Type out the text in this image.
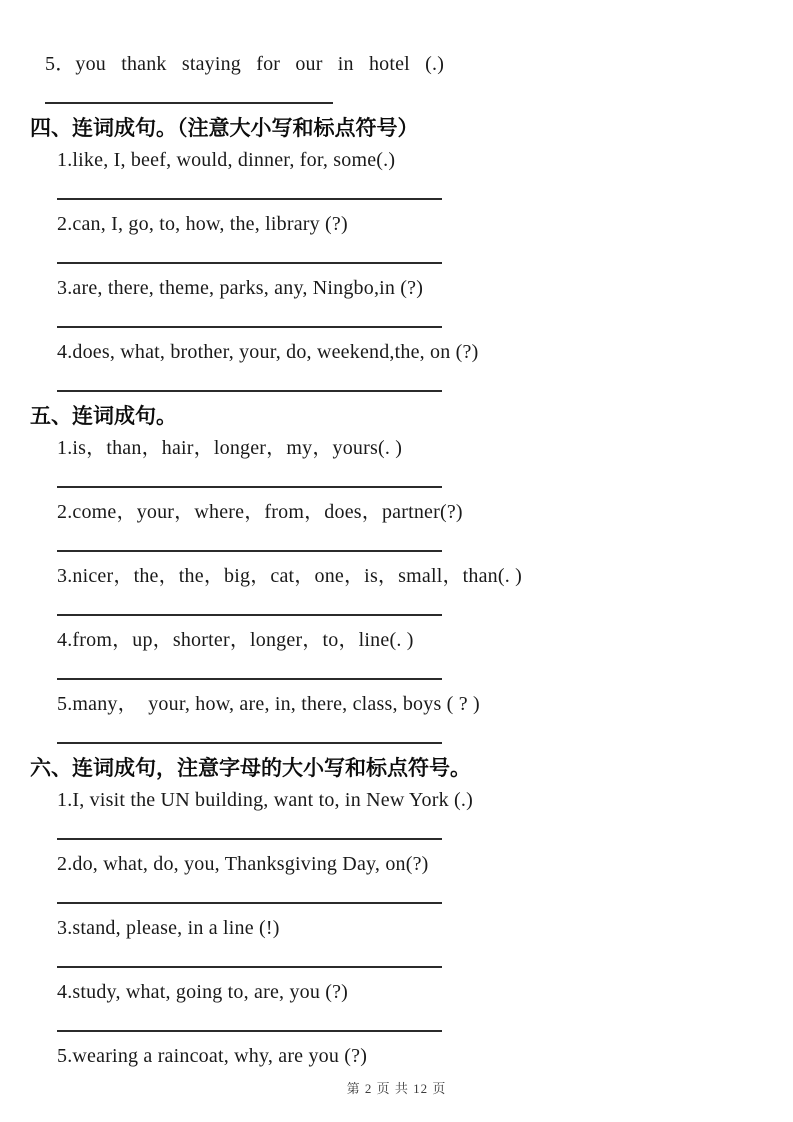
5．you thank staying for our in hotel (.)
四、连词成句。（注意大小写和标点符号）
1.like, I, beef, would, dinner, for, some(.)
2.can, I, go, to, how, the, library (?)
3.are, there, theme, parks, any, Ningbo,in (?)
4.does, what, brother, your, do, weekend,the, on (?)
五、连词成句。
1.is，than，hair，longer，my，yours(. )
2.come，your，where，from，does，partner(?)
3.nicer，the，the，big，cat，one，is，small，than(. )
4.from，up，shorter，longer，to，line(. )
5.many，  your, how, are, in, there, class, boys ( ? )
六、连词成句，注意字母的大小写和标点符号。
1.I, visit the UN building, want to, in New York (.)
2.do, what, do, you, Thanksgiving Day, on(?)
3.stand, please, in a line (!)
4.study, what, going to, are, you (?)
5.wearing a raincoat, why, are you (?)
第 2 页 共 12 页
